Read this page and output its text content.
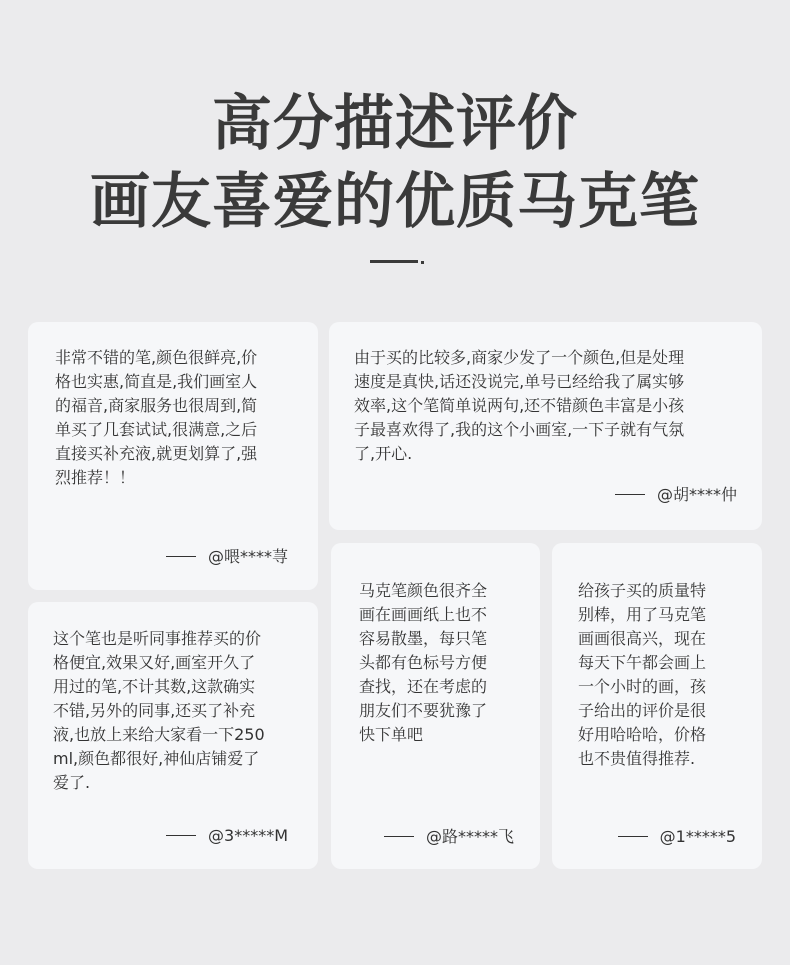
高分描述评价
画友喜爱的优质马克笔

非常不错的笔,颜色很鲜亮,价
格也实惠,简直是,我们画室人
的福音,商家服务也很周到,简
单买了几套试试,很满意,之后
直接买补充液,就更划算了,强
烈推荐！！

@喂****荨

由于买的比较多,商家少发了一个颜色,但是处理
速度是真快,话还没说完,单号已经给我了属实够
效率,这个笔简单说两句,还不错颜色丰富是小孩
子最喜欢得了,我的这个小画室,一下子就有气氛
了,开心.

@胡****仲

这个笔也是听同事推荐买的价
格便宜,效果又好,画室开久了
用过的笔,不计其数,这款确实
不错,另外的同事,还买了补充
液,也放上来给大家看一下250
ml,颜色都很好,神仙店铺爱了
爱了.

@3*****M

马克笔颜色很齐全
画在画画纸上也不
容易散墨，每只笔
头都有色标号方便
查找，还在考虑的
朋友们不要犹豫了
快下单吧

@路*****飞

给孩子买的质量特
别棒，用了马克笔
画画很高兴，现在
每天下午都会画上
一个小时的画，孩
子给出的评价是很
好用哈哈哈，价格
也不贵值得推荐.

@1*****5
